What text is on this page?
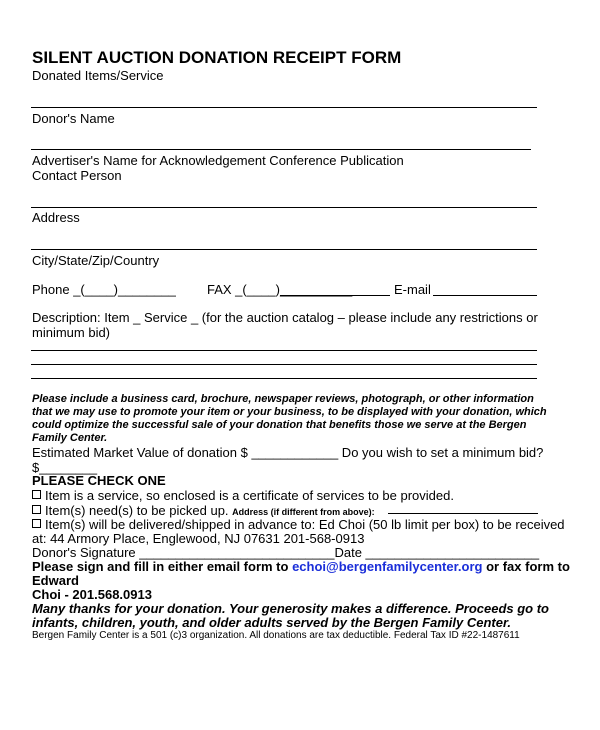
SILENT AUCTION DONATION RECEIPT FORM
Donated Items/Service
Donor's Name
Advertiser's Name for Acknowledgement Conference Publication
Contact Person
Address
City/State/Zip/Country
Phone _(____)________ FAX _(____)__________	E-mail
Description: Item _ Service _ (for the auction catalog – please include any restrictions or
minimum bid)
Please include a business card, brochure, newspaper reviews, photograph, or other information
that we may use to promote your item or your business, to be displayed with your donation, which
could optimize the successful sale of your donation that benefits those we serve at the Bergen
Family Center.
Estimated Market Value of donation $ ____________ Do you wish to set a minimum bid?
$________
PLEASE CHECK ONE
Item is a service, so enclosed is a certificate of services to be provided.
Item(s) need(s) to be picked up. Address (if different from above):
Item(s) will be delivered/shipped in advance to: Ed Choi (50 lb limit per box) to be received
at: 44 Armory Place, Englewood, NJ 07631 201-568-0913
Donor's Signature ___________________________Date ________________________
Please sign and fill in either email form to echoi@bergenfamilycenter.org or fax form to
Edward
Choi - 201.568.0913
Many thanks for your donation. Your generosity makes a difference. Proceeds go to
infants, children, youth, and older adults served by the Bergen Family Center.
Bergen Family Center is a 501 (c)3 organization. All donations are tax deductible. Federal Tax ID #22-1487611
